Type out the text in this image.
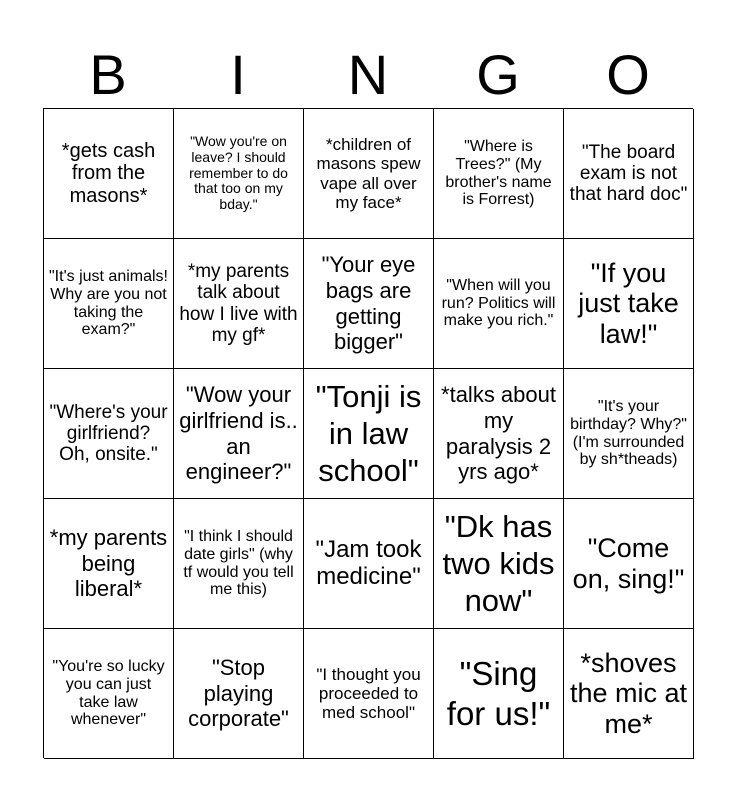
B	I	N	G	O
*gets cash from the masons*
"Wow you're on leave? I should remember to do that too on my bday."
*children of masons spew vape all over my face*
"Where is Trees?" (My brother's name is Forrest)
"The board exam is not that hard doc"
"It's just animals! Why are you not taking the exam?"
*my parents talk about how I live with my gf*
"Your eye bags are getting bigger"
"When will you run? Politics will make you rich."
"If you just take law!"
"Where's your girlfriend? Oh, onsite."
"Wow your girlfriend is.. an engineer?"
"Tonji is in law school"
*talks about my paralysis 2 yrs ago*
"It's your birthday? Why?" (I'm surrounded by sh*theads)
*my parents being liberal*
"I think I should date girls" (why tf would you tell me this)
"Jam took medicine"
"Dk has two kids now"
"Come on, sing!"
"You're so lucky you can just take law whenever"
"Stop playing corporate"
"I thought you proceeded to med school"
"Sing for us!"
*shoves the mic at me*
